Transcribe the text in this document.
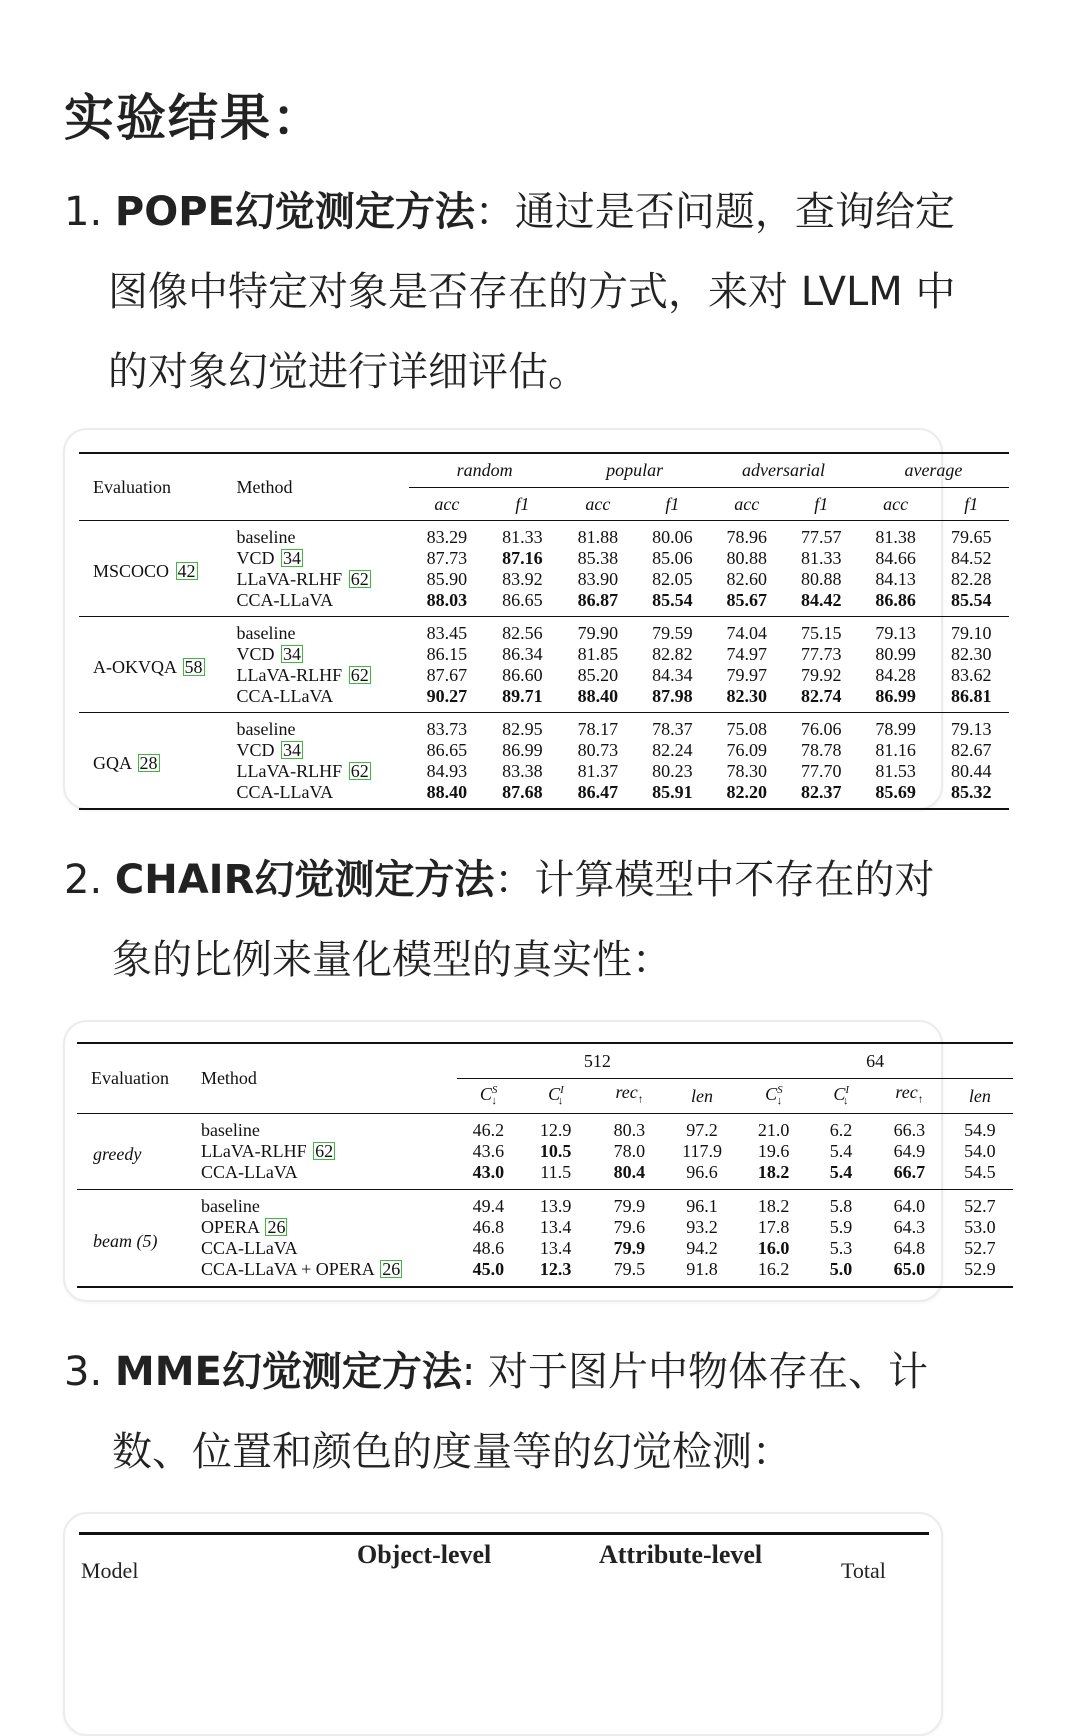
实验结果：

1. POPE幻觉测定方法：通过是否问题，查询给定
图像中特定对象是否存在的方式，来对 LVLM 中
的对象幻觉进行详细评估。

Evaluation	Method	random		popular		adversarial		average	
		acc	f1	acc	f1	acc	f1	acc	f1
MSCOCO 42	baseline	83.29	81.33	81.88	80.06	78.96	77.57	81.38	79.65
	VCD 34	87.73	87.16	85.38	85.06	80.88	81.33	84.66	84.52
	LLaVA-RLHF 62	85.90	83.92	83.90	82.05	82.60	80.88	84.13	82.28
	CCA-LLaVA	88.03	86.65	86.87	85.54	85.67	84.42	86.86	85.54
A-OKVQA 58	baseline	83.45	82.56	79.90	79.59	74.04	75.15	79.13	79.10
	VCD 34	86.15	86.34	81.85	82.82	74.97	77.73	80.99	82.30
	LLaVA-RLHF 62	87.67	86.60	85.20	84.34	79.97	79.92	84.28	83.62
	CCA-LLaVA	90.27	89.71	88.40	87.98	82.30	82.74	86.99	86.81
GQA 28	baseline	83.73	82.95	78.17	78.37	75.08	76.06	78.99	79.13
	VCD 34	86.65	86.99	80.73	82.24	76.09	78.78	81.16	82.67
	LLaVA-RLHF 62	84.93	83.38	81.37	80.23	78.30	77.70	81.53	80.44
	CCA-LLaVA	88.40	87.68	86.47	85.91	82.20	82.37	85.69	85.32

2. CHAIR幻觉测定方法：计算模型中不存在的对
象的比例来量化模型的真实性：

Evaluation	Method	512				64			
		$C^S_↓$	$C^I_↓$	rec$_↑$	len	$C^S_↓$	$C^I_↓$	rec$_↑$	len
greedy	baseline	46.2	12.9	80.3	97.2	21.0	6.2	66.3	54.9
	LLaVA-RLHF 62	43.6	10.5	78.0	117.9	19.6	5.4	64.9	54.0
	CCA-LLaVA	43.0	11.5	80.4	96.6	18.2	5.4	66.7	54.5
beam (5)	baseline	49.4	13.9	79.9	96.1	18.2	5.8	64.0	52.7
	OPERA 26	46.8	13.4	79.6	93.2	17.8	5.9	64.3	53.0
	CCA-LLaVA	48.6	13.4	79.9	94.2	16.0	5.3	64.8	52.7
	CCA-LLaVA + OPERA 26	45.0	12.3	79.5	91.8	16.2	5.0	65.0	52.9

3. MME幻觉测定方法: 对于图片中物体存在、计
数、位置和颜色的度量等的幻觉检测：

Object-level	Attribute-level
Model	Total
